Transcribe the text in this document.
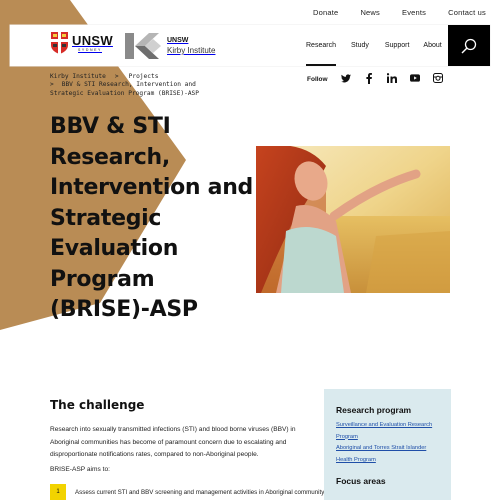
Donate	News	Events	Contact us
UNSW
SYDNEY
UNSW
Kirby Institute
Research Study Support About
Kirby Institute > Projects
> BBV & STI Research, Intervention and Strategic Evaluation Program (BRISE)-ASP
Follow
BBV & STI Research, Intervention and Strategic Evaluation Program (BRISE)-ASP
The challenge

Research into sexually transmitted infections (STI) and blood borne viruses (BBV) in Aboriginal communities has become of paramount concern due to escalating and disproportionate notifications rates, compared to non-Aboriginal people.

BRISE-ASP aims to:

1	Assess current STI and BBV screening and management activities in Aboriginal community
Research program
Surveillance and Evaluation Research Program
Aboriginal and Torres Strait Islander Health Program
Focus areas
